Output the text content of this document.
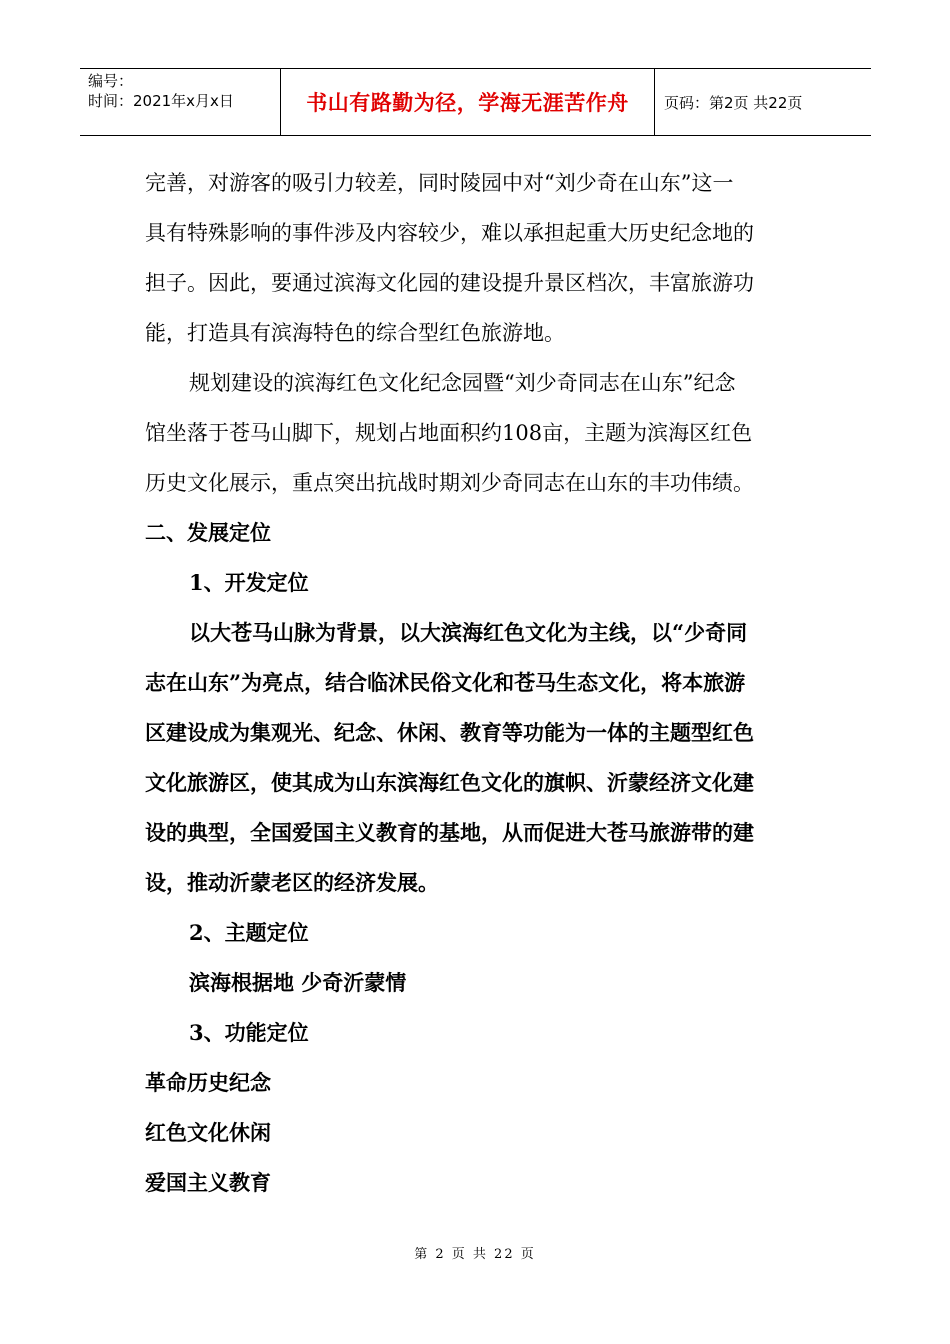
编号：
时间：2021年x月x日	书山有路勤为径，学海无涯苦作舟	页码：第2页 共22页
完善，对游客的吸引力较差，同时陵园中对“刘少奇在山东”这一
具有特殊影响的事件涉及内容较少，难以承担起重大历史纪念地的
担子。因此，要通过滨海文化园的建设提升景区档次，丰富旅游功
能，打造具有滨海特色的综合型红色旅游地。
规划建设的滨海红色文化纪念园暨“刘少奇同志在山东”纪念
馆坐落于苍马山脚下，规划占地面积约108亩，主题为滨海区红色
历史文化展示，重点突出抗战时期刘少奇同志在山东的丰功伟绩。
二、发展定位
1、开发定位
以大苍马山脉为背景，以大滨海红色文化为主线，以“少奇同
志在山东”为亮点，结合临沭民俗文化和苍马生态文化，将本旅游
区建设成为集观光、纪念、休闲、教育等功能为一体的主题型红色
文化旅游区，使其成为山东滨海红色文化的旗帜、沂蒙经济文化建
设的典型，全国爱国主义教育的基地，从而促进大苍马旅游带的建
设，推动沂蒙老区的经济发展。
2、主题定位
滨海根据地 少奇沂蒙情
3、功能定位
革命历史纪念
红色文化休闲
爱国主义教育
第 2 页 共 22 页
